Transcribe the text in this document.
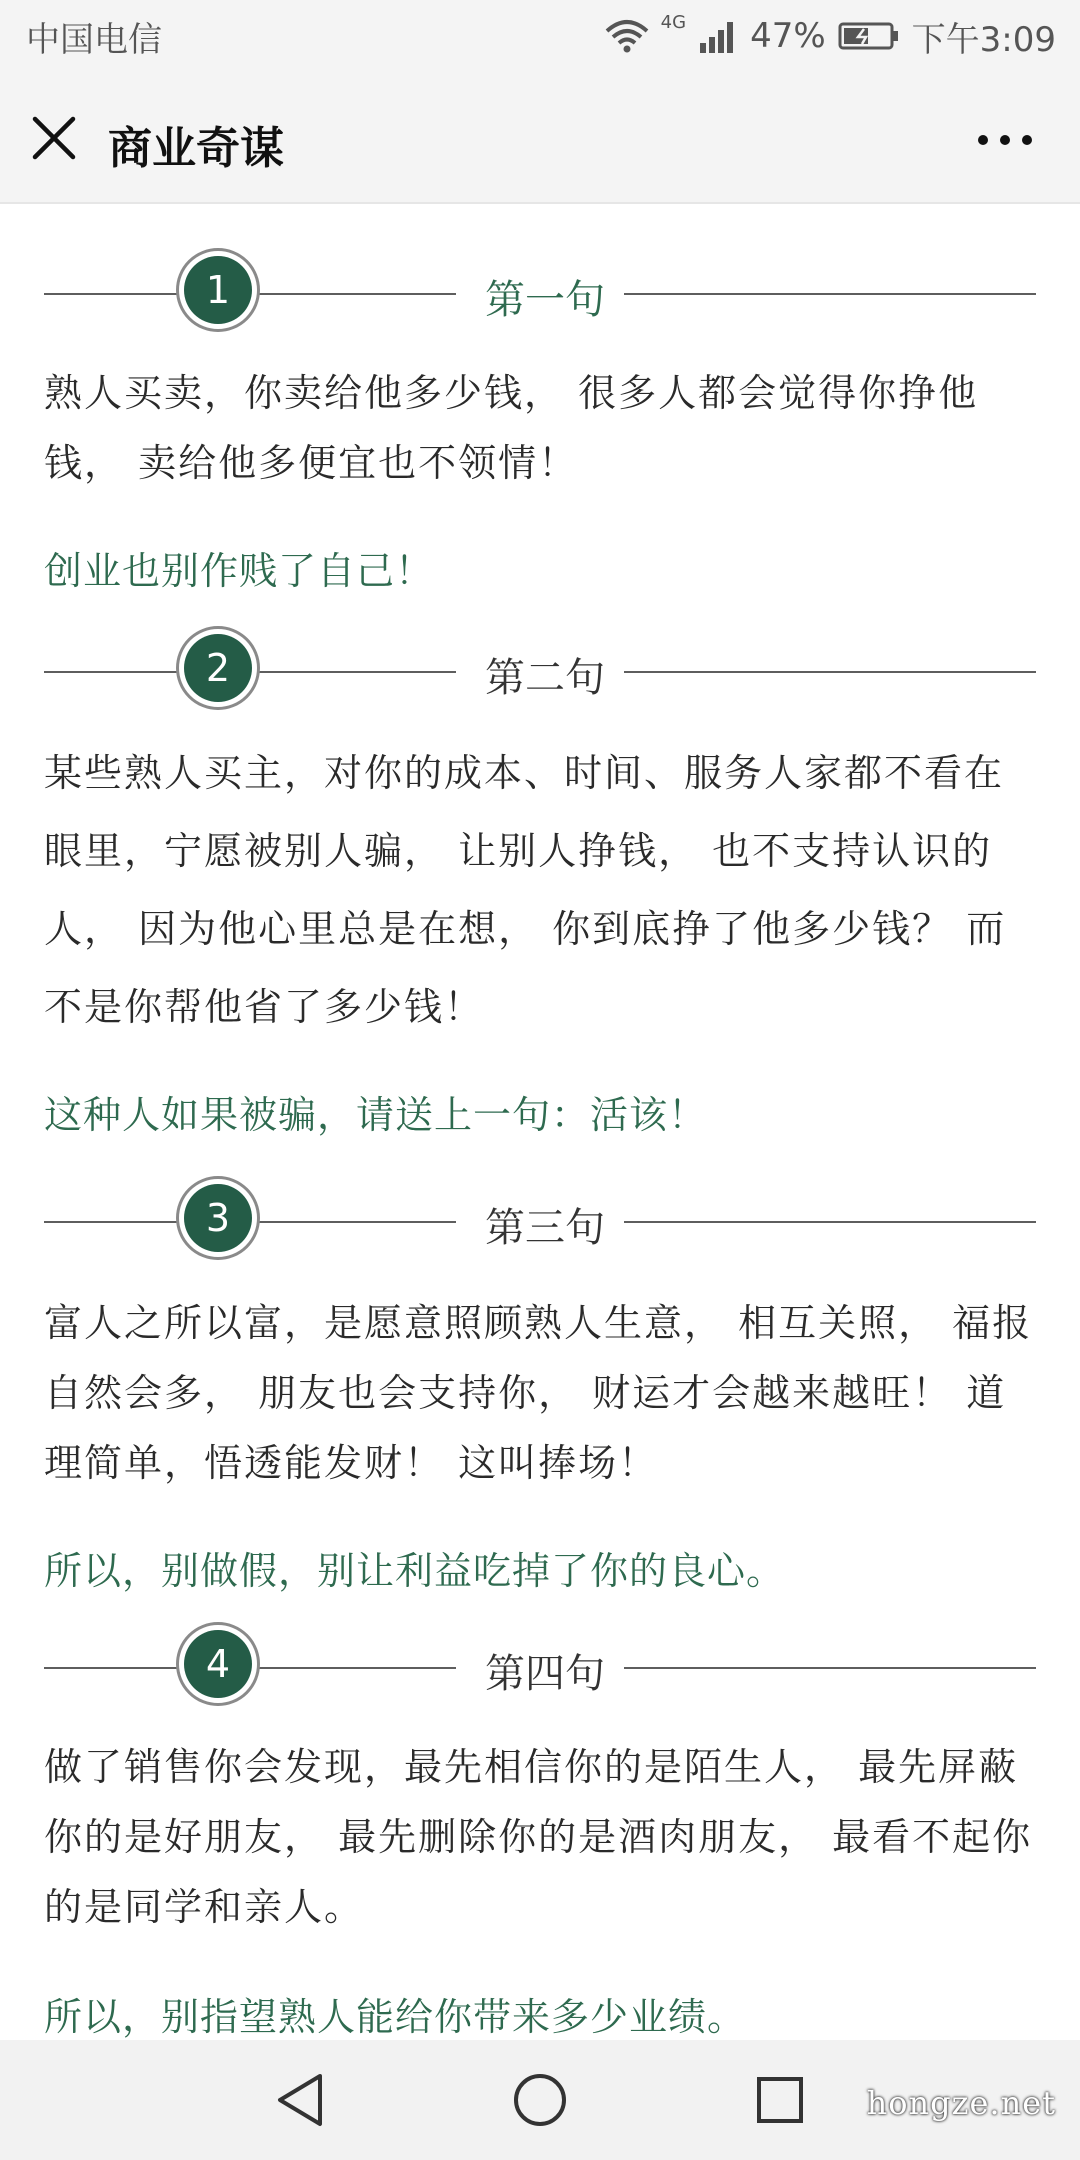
中国电信	4G 47%	下午3:09
商业奇谋
1	第一句

熟人买卖，你卖给他多少钱， 很多人都会觉得你挣他钱， 卖给他多便宜也不领情！

创业也别作贱了自己！

2	第二句

某些熟人买主，对你的成本、时间、服务人家都不看在眼里，宁愿被别人骗， 让别人挣钱， 也不支持认识的人， 因为他心里总是在想， 你到底挣了他多少钱？ 而不是你帮他省了多少钱！

这种人如果被骗，请送上一句：活该！

3	第三句

富人之所以富，是愿意照顾熟人生意， 相互关照， 福报自然会多， 朋友也会支持你， 财运才会越来越旺！ 道理简单，悟透能发财！ 这叫捧场！

所以，别做假，别让利益吃掉了你的良心。

4	第四句

做了销售你会发现，最先相信你的是陌生人， 最先屏蔽你的是好朋友， 最先删除你的是酒肉朋友， 最看不起你的是同学和亲人。

所以，别指望熟人能给你带来多少业绩。

hongze.net
